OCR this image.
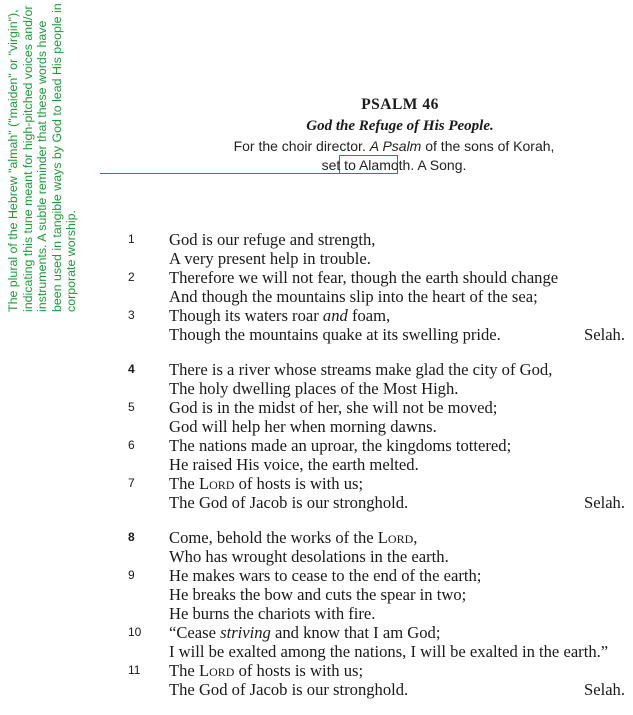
The plural of the Hebrew "almah" ("maiden" or "virgin"), indicating this tune meant for high-pitched voices and/or instruments. A subtle reminder that these words have been used in tangible ways by God to lead His people in corporate worship.
PSALM 46
God the Refuge of His People.
For the choir director. A Psalm of the sons of Korah,
set to Alamoth. A Song.
1	God is our refuge and strength,
A very present help in trouble.
2	Therefore we will not fear, though the earth should change
And though the mountains slip into the heart of the sea;
3	Though its waters roar and foam,
Though the mountains quake at its swelling pride.	Selah.
4	There is a river whose streams make glad the city of God,
The holy dwelling places of the Most High.
5	God is in the midst of her, she will not be moved;
God will help her when morning dawns.
6	The nations made an uproar, the kingdoms tottered;
He raised His voice, the earth melted.
7	The Lord of hosts is with us;
The God of Jacob is our stronghold.	Selah.
8	Come, behold the works of the Lord,
Who has wrought desolations in the earth.
9	He makes wars to cease to the end of the earth;
He breaks the bow and cuts the spear in two;
He burns the chariots with fire.
10	“Cease striving and know that I am God;
I will be exalted among the nations, I will be exalted in the earth.”
11	The Lord of hosts is with us;
The God of Jacob is our stronghold.	Selah.
